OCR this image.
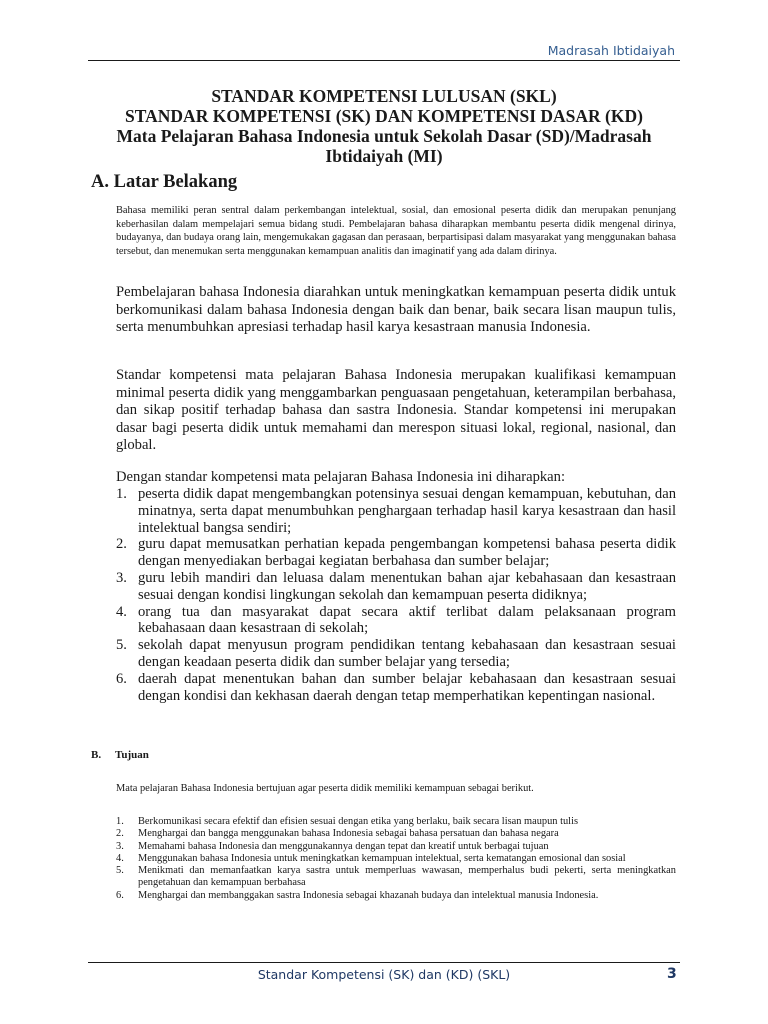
Madrasah Ibtidaiyah
STANDAR KOMPETENSI LULUSAN (SKL)
STANDAR KOMPETENSI (SK) DAN KOMPETENSI DASAR (KD)
Mata Pelajaran Bahasa Indonesia untuk Sekolah Dasar (SD)/Madrasah Ibtidaiyah (MI)
A. Latar Belakang
Bahasa memiliki peran sentral dalam perkembangan intelektual, sosial, dan emosional peserta didik dan merupakan penunjang keberhasilan dalam mempelajari semua bidang studi. Pembelajaran bahasa diharapkan membantu peserta didik mengenal dirinya, budayanya, dan budaya orang lain, mengemukakan gagasan dan perasaan, berpartisipasi dalam masyarakat yang menggunakan bahasa tersebut, dan menemukan serta menggunakan kemampuan analitis dan imaginatif yang ada dalam dirinya.
Pembelajaran bahasa Indonesia diarahkan untuk meningkatkan kemampuan peserta didik untuk berkomunikasi dalam bahasa Indonesia dengan baik dan benar, baik secara lisan maupun tulis, serta menumbuhkan apresiasi terhadap hasil karya kesastraan manusia Indonesia.
Standar kompetensi mata pelajaran Bahasa Indonesia merupakan kualifikasi kemampuan minimal peserta didik yang menggambarkan penguasaan pengetahuan, keterampilan berbahasa, dan sikap positif terhadap bahasa dan sastra Indonesia. Standar kompetensi ini merupakan dasar bagi peserta didik untuk memahami dan merespon situasi lokal, regional, nasional, dan global.
Dengan standar kompetensi mata pelajaran Bahasa Indonesia ini diharapkan:
1. peserta didik dapat mengembangkan potensinya sesuai dengan kemampuan, kebutuhan, dan minatnya, serta dapat menumbuhkan penghargaan terhadap hasil karya kesastraan dan hasil intelektual bangsa sendiri;
2. guru dapat memusatkan perhatian kepada pengembangan kompetensi bahasa peserta didik dengan menyediakan berbagai kegiatan berbahasa dan sumber belajar;
3. guru lebih mandiri dan leluasa dalam menentukan bahan ajar kebahasaan dan kesastraan sesuai dengan kondisi lingkungan sekolah dan kemampuan peserta didiknya;
4. orang tua dan masyarakat dapat secara aktif terlibat dalam pelaksanaan program kebahasaan daan kesastraan di sekolah;
5. sekolah dapat menyusun program pendidikan tentang kebahasaan dan kesastraan sesuai dengan keadaan peserta didik dan sumber belajar yang tersedia;
6. daerah dapat menentukan bahan dan sumber belajar kebahasaan dan kesastraan sesuai dengan kondisi dan kekhasan daerah dengan tetap memperhatikan kepentingan nasional.
B. Tujuan
Mata pelajaran Bahasa Indonesia bertujuan agar peserta didik memiliki kemampuan sebagai berikut.
1. Berkomunikasi secara efektif dan efisien sesuai dengan etika yang berlaku, baik secara lisan maupun tulis
2. Menghargai dan bangga menggunakan bahasa Indonesia sebagai bahasa persatuan dan bahasa negara
3. Memahami bahasa Indonesia dan menggunakannya dengan tepat dan kreatif untuk berbagai tujuan
4. Menggunakan bahasa Indonesia untuk meningkatkan kemampuan intelektual, serta kematangan emosional dan sosial
5. Menikmati dan memanfaatkan karya sastra untuk memperluas wawasan, memperhalus budi pekerti, serta meningkatkan pengetahuan dan kemampuan berbahasa
6. Menghargai dan membanggakan sastra Indonesia sebagai khazanah budaya dan intelektual manusia Indonesia.
Standar Kompetensi (SK) dan (KD) (SKL)	3
